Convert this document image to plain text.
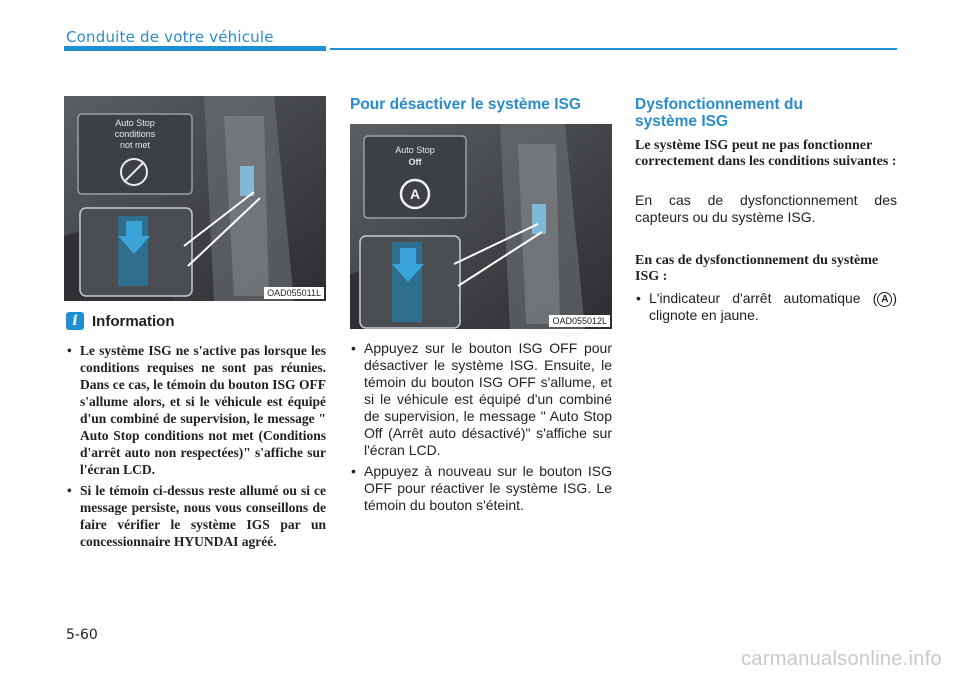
Conduite de votre véhicule
Auto Stop
conditions
not met
OAD055011L
i Information
• Le système ISG ne s'active pas lorsque les conditions requises ne sont pas réunies. Dans ce cas, le témoin du bouton ISG OFF s'allume alors, et si le véhicule est équipé d'un combiné de supervision, le message " Auto Stop conditions not met (Conditions d'arrêt auto non respectées)" s'affiche sur l'écran LCD.
• Si le témoin ci-dessus reste allumé ou si ce message persiste, nous vous conseillons de faire vérifier le système IGS par un concessionnaire HYUNDAI agréé.
Pour désactiver le système ISG
A
Auto Stop
Off
OAD055012L
• Appuyez sur le bouton ISG OFF pour désactiver le système ISG. Ensuite, le témoin du bouton ISG OFF s'allume, et si le véhicule est équipé d'un combiné de supervision, le message " Auto Stop Off (Arrêt auto désactivé)" s'affiche sur l'écran LCD.
• Appuyez à nouveau sur le bouton ISG OFF pour réactiver le système ISG. Le témoin du bouton s'éteint.
Dysfonctionnement du système ISG
Le système ISG peut ne pas fonctionner correctement dans les conditions suivantes :
En cas de dysfonctionnement des capteurs ou du système ISG.
En cas de dysfonctionnement du système ISG :
• L'indicateur d'arrêt automatique ( A ) clignote en jaune.
5-60
carmanualsonline.info
